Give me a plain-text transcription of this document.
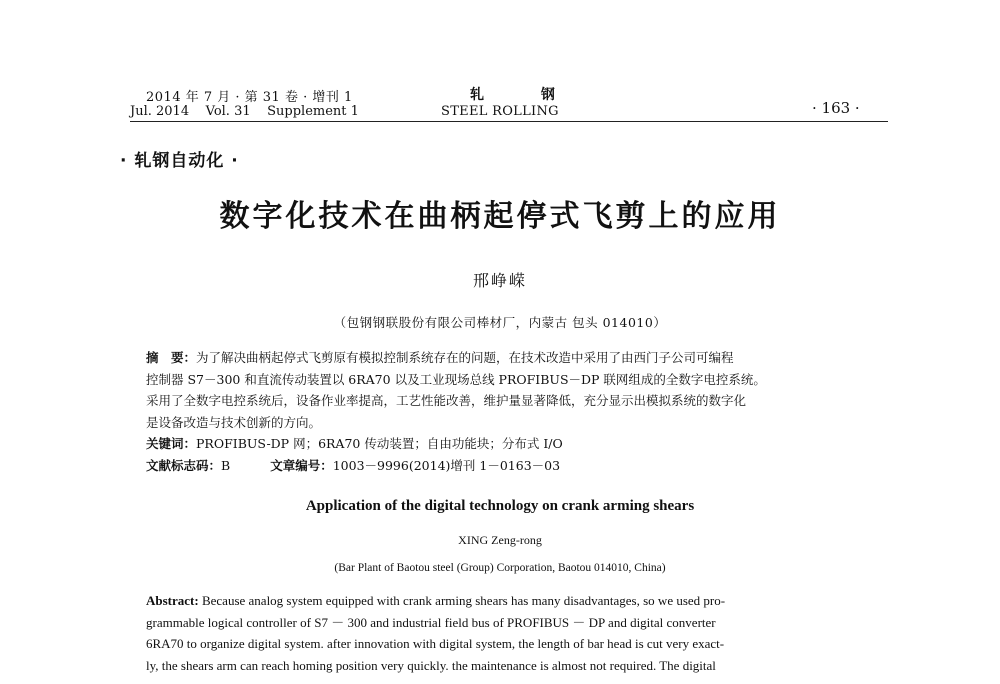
2014 年 7 月 · 第 31 卷 · 增刊 1
Jul. 2014    Vol. 31    Supplement 1
轧 钢
STEEL ROLLING	· 163 ·
· 轧钢自动化 ·
数字化技术在曲柄起停式飞剪上的应用
邢峥嵘
（包钢钢联股份有限公司棒材厂，内蒙古 包头 014010）
摘　要：为了解决曲柄起停式飞剪原有模拟控制系统存在的问题，在技术改造中采用了由西门子公司可编程
控制器 S7－300 和直流传动装置以 6RA70 以及工业现场总线 PROFIBUS－DP 联网组成的全数字电控系统。
采用了全数字电控系统后，设备作业率提高，工艺性能改善，维护量显著降低，充分显示出模拟系统的数字化
是设备改造与技术创新的方向。
关键词：PROFIBUS-DP 网；6RA70 传动装置；自由功能块；分布式 I/O
文献标志码：B	文章编号：1003－9996(2014)增刊 1－0163－03
Application of the digital technology on crank arming shears
XING Zeng-rong
(Bar Plant of Baotou steel (Group) Corporation, Baotou 014010, China)
Abstract: Because analog system equipped with crank arming shears has many disadvantages, so we used pro-
grammable logical controller of S7 － 300 and industrial field bus of PROFIBUS － DP and digital converter
6RA70 to organize digital system. after innovation with digital system, the length of bar head is cut very exact-
ly, the shears arm can reach homing position very quickly. the maintenance is almost not required. The digital
